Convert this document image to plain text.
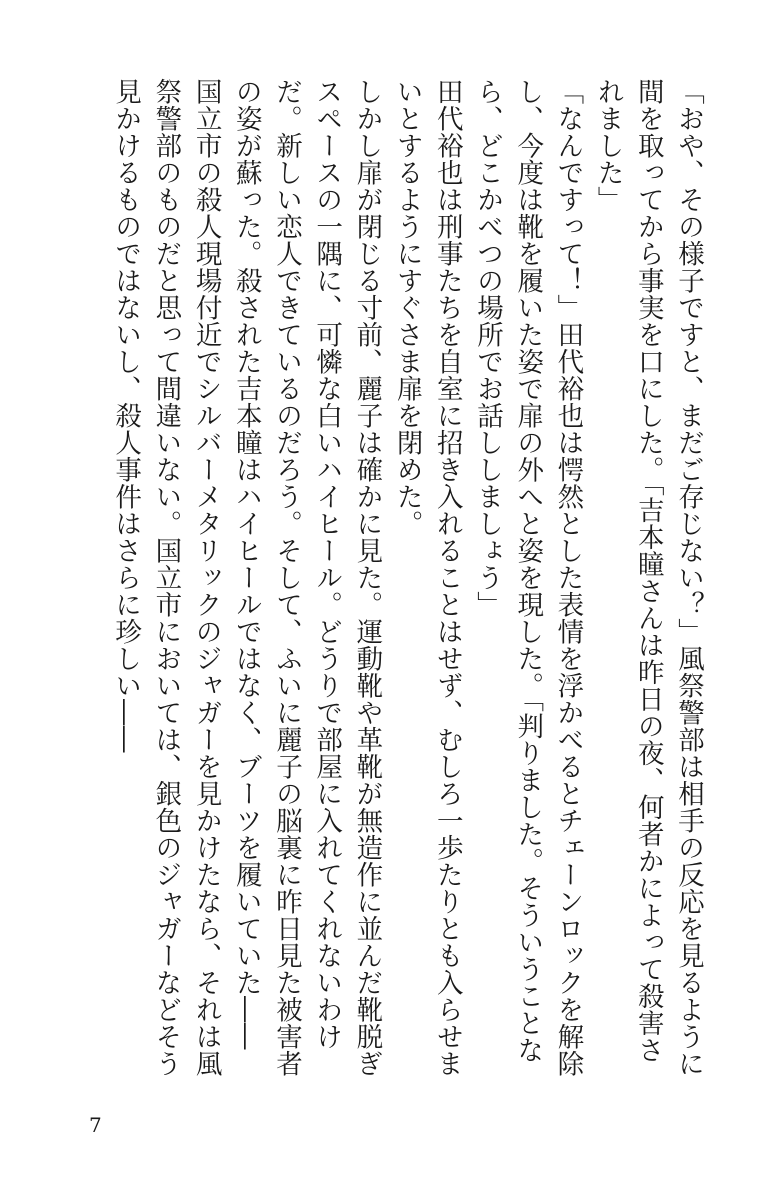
「おや、その様子ですと、まだご存じない？」風祭警部は相手の反応を見るように間を取ってから事実を口にした。「吉本瞳さんは昨日の夜、何者かによって殺害されました」

「なんですって！」田代裕也は愕然とした表情を浮かべるとチェーンロックを解除し、今度は靴を履いた姿で扉の外へと姿を現した。「判りました。そういうことなら、どこかべつの場所でお話ししましょう」

田代裕也は刑事たちを自室に招き入れることはせず、むしろ一歩たりとも入らせまいとするようにすぐさま扉を閉めた。

しかし扉が閉じる寸前、麗子は確かに見た。運動靴や革靴が無造作に並んだ靴脱ぎスペースの一隅に、可憐な白いハイヒール。どうりで部屋に入れてくれないわけだ。新しい恋人できているのだろう。そして、ふいに麗子の脳裏に昨日見た被害者の姿が蘇った。殺された吉本瞳はハイヒールではなく、ブーツを履いていた――

国立市の殺人現場付近でシルバーメタリックのジャガーを見かけたなら、それは風祭警部のものだと思って間違いない。国立市においては、銀色のジャガーなどそう見かけるものではないし、殺人事件はさらに珍しい――

7
